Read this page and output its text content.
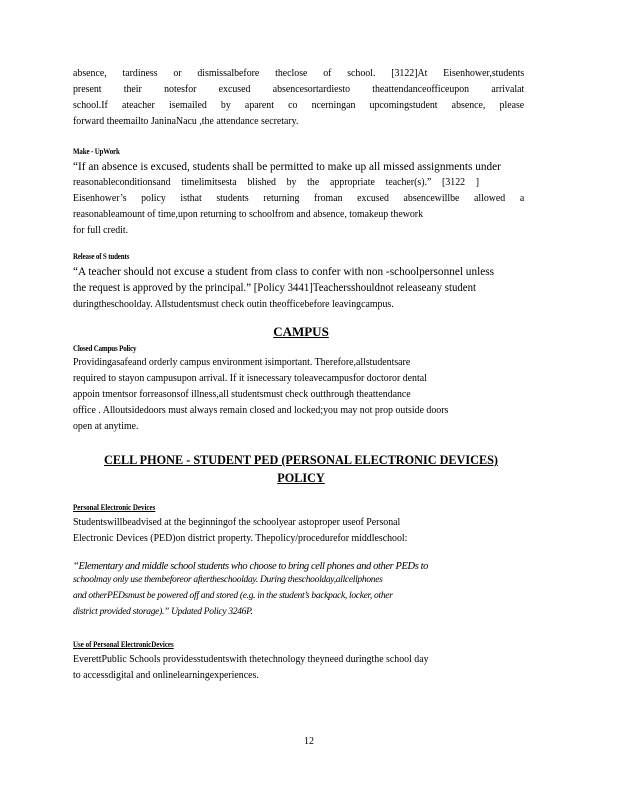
absence, tardiness or dismissalbefore theclose of school. [3122]At Eisenhower,students
present their notesfor excused absencesortardiesto theattendanceofficeupon arrivalat
school.If ateacher isemailed by aparent co ncerningan upcomingstudent absence, please
forward theemailto JaninaNacu ,the attendance secretary.
Make - UpWork
“If an absence is excused, students shall be permitted to make up all missed assignments under
reasonableconditionsand timelimitsesta blished by the appropriate teacher(s).” [3122 ]
Eisenhower’s policy isthat students returning froman excused absencewillbe allowed a
reasonableamount of time,upon returning to schoolfrom and absence, tomakeup thework
for full credit.
Release of S tudents
“A teacher should not excuse a student from class to confer with non -schoolpersonnel unless
the request is approved by the principal.” [Policy 3441]Teachersshouldnot releaseany student
duringtheschoolday. Allstudentsmust check outin theofficebefore leavingcampus.

CAMPUS

Closed Campus Policy
Providingasafeand orderly campus environment isimportant. Therefore,allstudentsare
required to stayon campusupon arrival. If it isnecessary toleavecampusfor doctoror dental
appoin tmentsor forreasonsof illness,all studentsmust check outthrough theattendance
office . Alloutsidedoors must always remain closed and locked;you may not prop outside doors
open at anytime.

CELL PHONE - STUDENT PED (PERSONAL ELECTRONIC DEVICES) POLICY

Personal Electronic Devices
Studentswillbeadvised at the beginningof the schoolyear astoproper useof Personal
Electronic Devices (PED)on district property. Thepolicy/procedurefor middleschool:
“Elementary and middle school students who choose to bring cell phones and other PEDs to
schoolmay only use thembeforeor aftertheschoolday. During theschoolday,allcellphones
and otherPEDsmust be powered off and stored (e.g. in the student’s backpack, locker, other
district provided storage).” Updated Policy 3246P.
Use of Personal ElectronicDevices
EverettPublic Schools providesstudentswith thetechnology theyneed duringthe school day
to accessdigital and onlinelearningexperiences.
12
